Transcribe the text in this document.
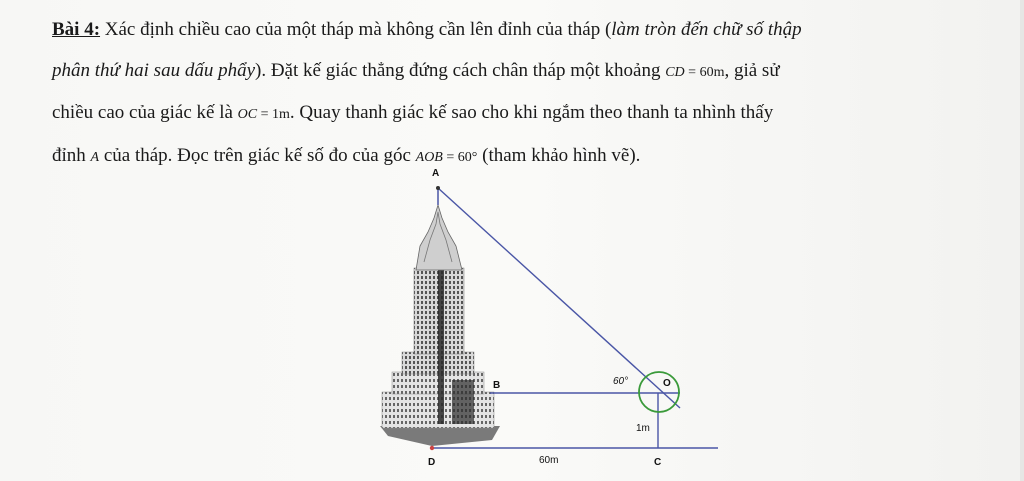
Bài 4: Xác định chiều cao của một tháp mà không cần lên đỉnh của tháp (làm tròn đến chữ số thập
phân thứ hai sau dấu phẩy). Đặt kế giác thẳng đứng cách chân tháp một khoảng CD = 60m, giả sử
chiều cao của giác kế là OC = 1m. Quay thanh giác kế sao cho khi ngắm theo thanh ta nhình thấy
đỉnh A của tháp. Đọc trên giác kế số đo của góc AOB = 60° (tham khảo hình vẽ).
A
B	O
60°
1m
D	60m	C
